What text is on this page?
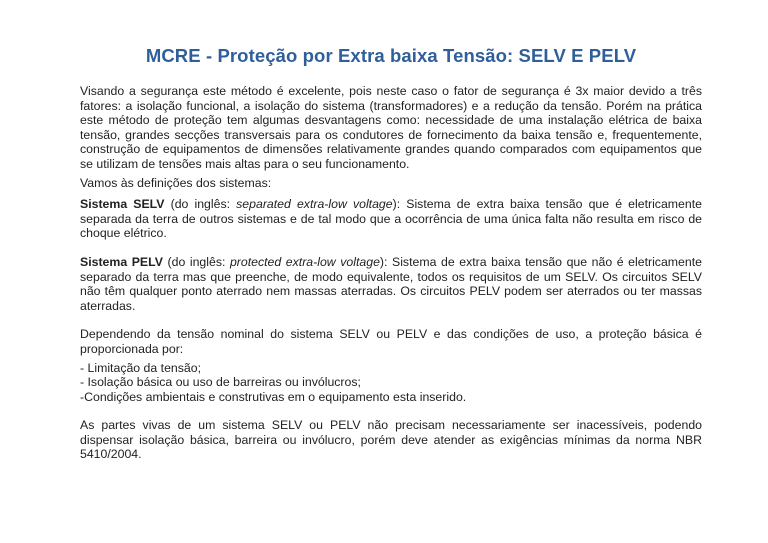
MCRE - Proteção por Extra baixa Tensão: SELV E PELV

Visando a segurança este método é excelente, pois neste caso o fator de segurança é 3x maior devido a três fatores: a isolação funcional, a isolação do sistema (transformadores) e a redução da tensão. Porém na prática este método de proteção tem algumas desvantagens como: necessidade de uma instalação elétrica de baixa tensão, grandes secções transversais para os condutores de fornecimento da baixa tensão e, frequentemente, construção de equipamentos de dimensões relativamente grandes quando comparados com equipamentos que se utilizam de tensões mais altas para o seu funcionamento.

Vamos às definições dos sistemas:

Sistema SELV (do inglês: separated extra-low voltage): Sistema de extra baixa tensão que é eletricamente separada da terra de outros sistemas e de tal modo que a ocorrência de uma única falta não resulta em risco de choque elétrico.

Sistema PELV (do inglês: protected extra-low voltage): Sistema de extra baixa tensão que não é eletricamente separado da terra mas que preenche, de modo equivalente, todos os requisitos de um SELV. Os circuitos SELV não têm qualquer ponto aterrado nem massas aterradas. Os circuitos PELV podem ser aterrados ou ter massas aterradas.

Dependendo da tensão nominal do sistema SELV ou PELV e das condições de uso, a proteção básica é proporcionada por:

- Limitação da tensão;

- Isolação básica ou uso de barreiras ou invólucros;

-Condições ambientais e construtivas em o equipamento esta inserido.

As partes vivas de um sistema SELV ou PELV não precisam necessariamente ser inacessíveis, podendo dispensar isolação básica, barreira ou invólucro, porém deve atender as exigências mínimas da norma NBR 5410/2004.
